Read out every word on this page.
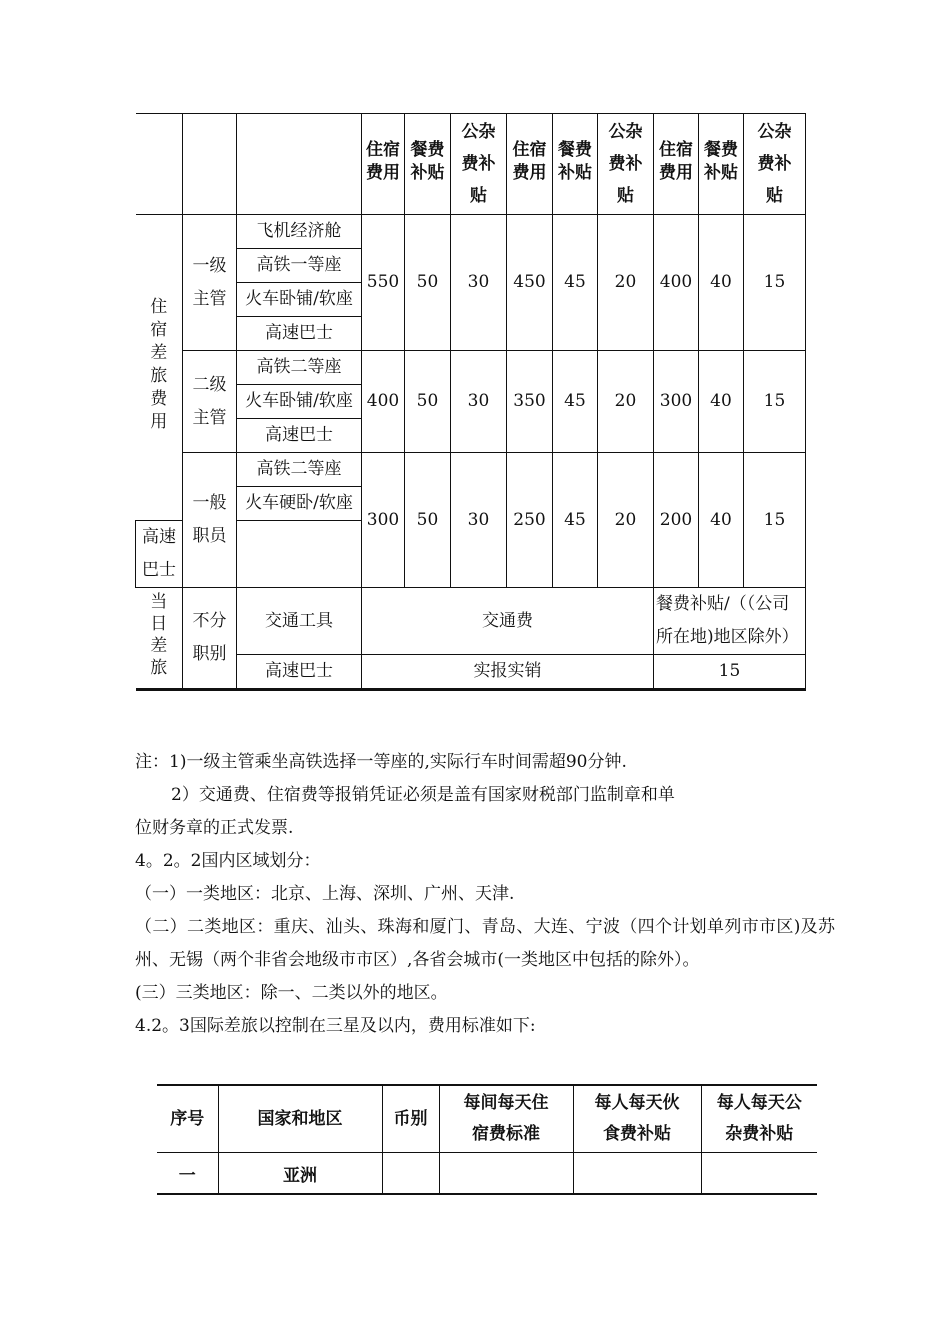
			住宿费用	餐费补贴	公杂费补贴	住宿费用	餐费补贴	公杂费补贴	住宿费用	餐费补贴	公杂费补贴
住宿差旅费用	一级主管	飞机经济舱	550	50	30	450	45	20	400	40	15
		高铁一等座									
		火车卧铺/软座									

		高速巴士									
	二级主管	高铁二等座	400	50	30	350	45	20	300	40	15
		火车卧铺/软座									

		高速巴士									
	一般职员	高铁二等座	300	50	30	250	45	20	200	40	15
		火车硬卧/软座									

高速巴士											
当日差旅	不分职别	交通工具	交通费						餐费补贴/（（公司所在地)地区除外）		

		高速巴士	实报实销						15		

注：1)一级主管乘坐高铁选择一等座的,实际行车时间需超90分钟.

2）交通费、住宿费等报销凭证必须是盖有国家财税部门监制章和单

位财务章的正式发票.

4。2。2国内区域划分：

（一）一类地区：北京、上海、深圳、广州、天津.

（二）二类地区：重庆、汕头、珠海和厦门、青岛、大连、宁波（四个计划单列市市区)及苏州、无锡（两个非省会地级市市区）,各省会城市(一类地区中包括的除外）。

(三）三类地区：除一、二类以外的地区。

4.2。3国际差旅以控制在三星及以内，费用标准如下:

序号	国家和地区	币别	每间每天住宿费标准	每人每天伙食费补贴	每人每天公杂费补贴
一	亚洲				
